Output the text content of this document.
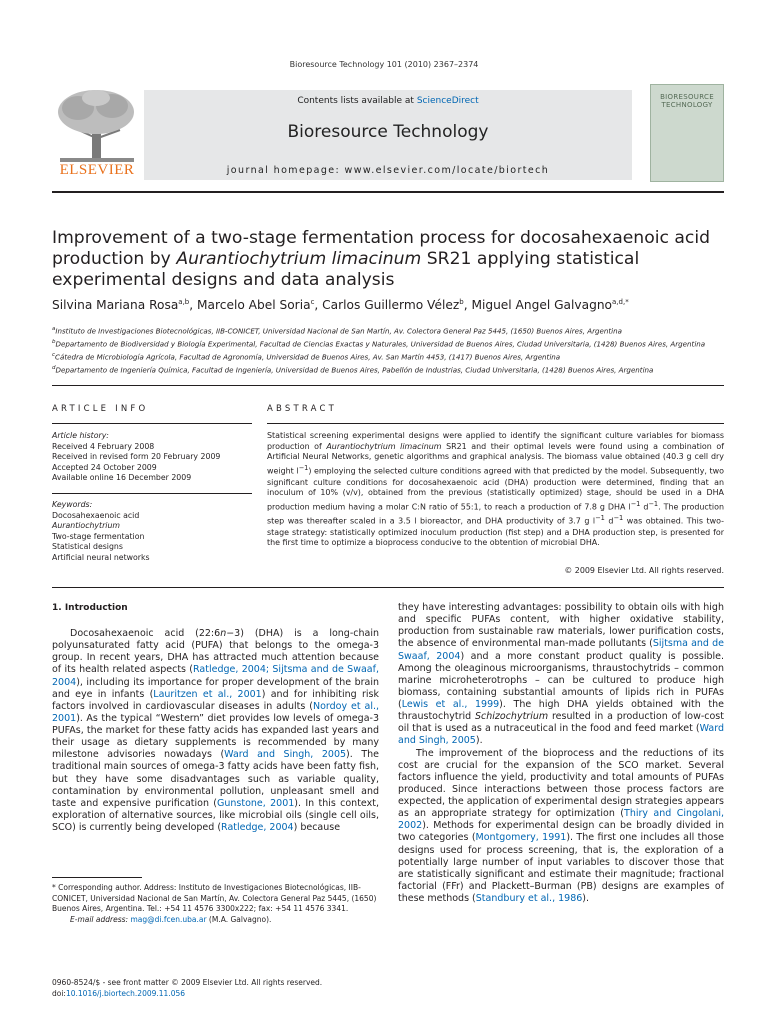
Bioresource Technology 101 (2010) 2367–2374
ELSEVIER
Contents lists available at ScienceDirect
Bioresource Technology
journal homepage: www.elsevier.com/locate/biortech
BIORESOURCE TECHNOLOGY
Improvement of a two-stage fermentation process for docosahexaenoic acid production by Aurantiochytrium limacinum SR21 applying statistical experimental designs and data analysis
Silvina Mariana Rosa$^{a,b}$, Marcelo Abel Soria$^c$, Carlos Guillermo Vélez$^b$, Miguel Angel Galvagno$^{a,d,*}$
$^a$Instituto de Investigaciones Biotecnológicas, IIB-CONICET, Universidad Nacional de San Martín, Av. Colectora General Paz 5445, (1650) Buenos Aires, Argentina
$^b$Departamento de Biodiversidad y Biología Experimental, Facultad de Ciencias Exactas y Naturales, Universidad de Buenos Aires, Ciudad Universitaria, (1428) Buenos Aires, Argentina
$^c$Cátedra de Microbiología Agrícola, Facultad de Agronomía, Universidad de Buenos Aires, Av. San Martín 4453, (1417) Buenos Aires, Argentina
$^d$Departamento de Ingeniería Química, Facultad de Ingeniería, Universidad de Buenos Aires, Pabellón de Industrias, Ciudad Universitaria, (1428) Buenos Aires, Argentina
ARTICLE INFO	ABSTRACT
Article history:
Received 4 February 2008
Received in revised form 20 February 2009
Accepted 24 October 2009
Available online 16 December 2009
Keywords:
Docosahexaenoic acid
Aurantiochytrium
Two-stage fermentation
Statistical designs
Artificial neural networks
Statistical screening experimental designs were applied to identify the significant culture variables for biomass production of Aurantiochytrium limacinum SR21 and their optimal levels were found using a combination of Artificial Neural Networks, genetic algorithms and graphical analysis. The biomass value obtained (40.3 g cell dry weight $l^{-1}$) employing the selected culture conditions agreed with that predicted by the model. Subsequently, two significant culture conditions for docosahexaenoic acid (DHA) production were determined, finding that an inoculum of 10% (v/v), obtained from the previous (statistically optimized) stage, should be used in a DHA production medium having a molar C:N ratio of 55:1, to reach a production of 7.8 g DHA $l^{-1}$ $d^{-1}$. The production step was thereafter scaled in a 3.5 l bioreactor, and DHA productivity of 3.7 g $l^{-1}$ $d^{-1}$ was obtained. This two-stage strategy: statistically optimized inoculum production (fist step) and a DHA production step, is presented for the first time to optimize a bioprocess conducive to the obtention of microbial DHA.
© 2009 Elsevier Ltd. All rights reserved.
1. Introduction

Docosahexaenoic acid (22:6n−3) (DHA) is a long-chain polyunsaturated fatty acid (PUFA) that belongs to the omega-3 group. In recent years, DHA has attracted much attention because of its health related aspects (Ratledge, 2004; Sijtsma and de Swaaf, 2004), including its importance for proper development of the brain and eye in infants (Lauritzen et al., 2001) and for inhibiting risk factors involved in cardiovascular diseases in adults (Nordoy et al., 2001). As the typical “Western” diet provides low levels of omega-3 PUFAs, the market for these fatty acids has expanded last years and their usage as dietary supplements is recommended by many milestone advisories nowadays (Ward and Singh, 2005). The traditional main sources of omega-3 fatty acids have been fatty fish, but they have some disadvantages such as variable quality, contamination by environmental pollution, unpleasant smell and taste and expensive purification (Gunstone, 2001). In this context, exploration of alternative sources, like microbial oils (single cell oils, SCO) is currently being developed (Ratledge, 2004) because

they have interesting advantages: possibility to obtain oils with high and specific PUFAs content, with higher oxidative stability, production from sustainable raw materials, lower purification costs, the absence of environmental man-made pollutants (Sijtsma and de Swaaf, 2004) and a more constant product quality is possible. Among the oleaginous microorganisms, thraustochytrids – common marine microheterotrophs – can be cultured to produce high biomass, containing substantial amounts of lipids rich in PUFAs (Lewis et al., 1999). The high DHA yields obtained with the thraustochytrid Schizochytrium resulted in a production of low-cost oil that is used as a nutraceutical in the food and feed market (Ward and Singh, 2005).

The improvement of the bioprocess and the reductions of its cost are crucial for the expansion of the SCO market. Several factors influence the yield, productivity and total amounts of PUFAs produced. Since interactions between those process factors are expected, the application of experimental design strategies appears as an appropriate strategy for optimization (Thiry and Cingolani, 2002). Methods for experimental design can be broadly divided in two categories (Montgomery, 1991). The first one includes all those designs used for process screening, that is, the exploration of a potentially large number of input variables to discover those that are statistically significant and estimate their magnitude; fractional factorial (FFr) and Plackett–Burman (PB) designs are examples of these methods (Standbury et al., 1986).

* Corresponding author. Address: Instituto de Investigaciones Biotecnológicas, IIB-CONICET, Universidad Nacional de San Martín, Av. Colectora General Paz 5445, (1650) Buenos Aires, Argentina. Tel.: +54 11 4576 3300x222; fax: +54 11 4576 3341.
E-mail address: mag@di.fcen.uba.ar (M.A. Galvagno).
0960-8524/$ - see front matter © 2009 Elsevier Ltd. All rights reserved.
doi:10.1016/j.biortech.2009.11.056
